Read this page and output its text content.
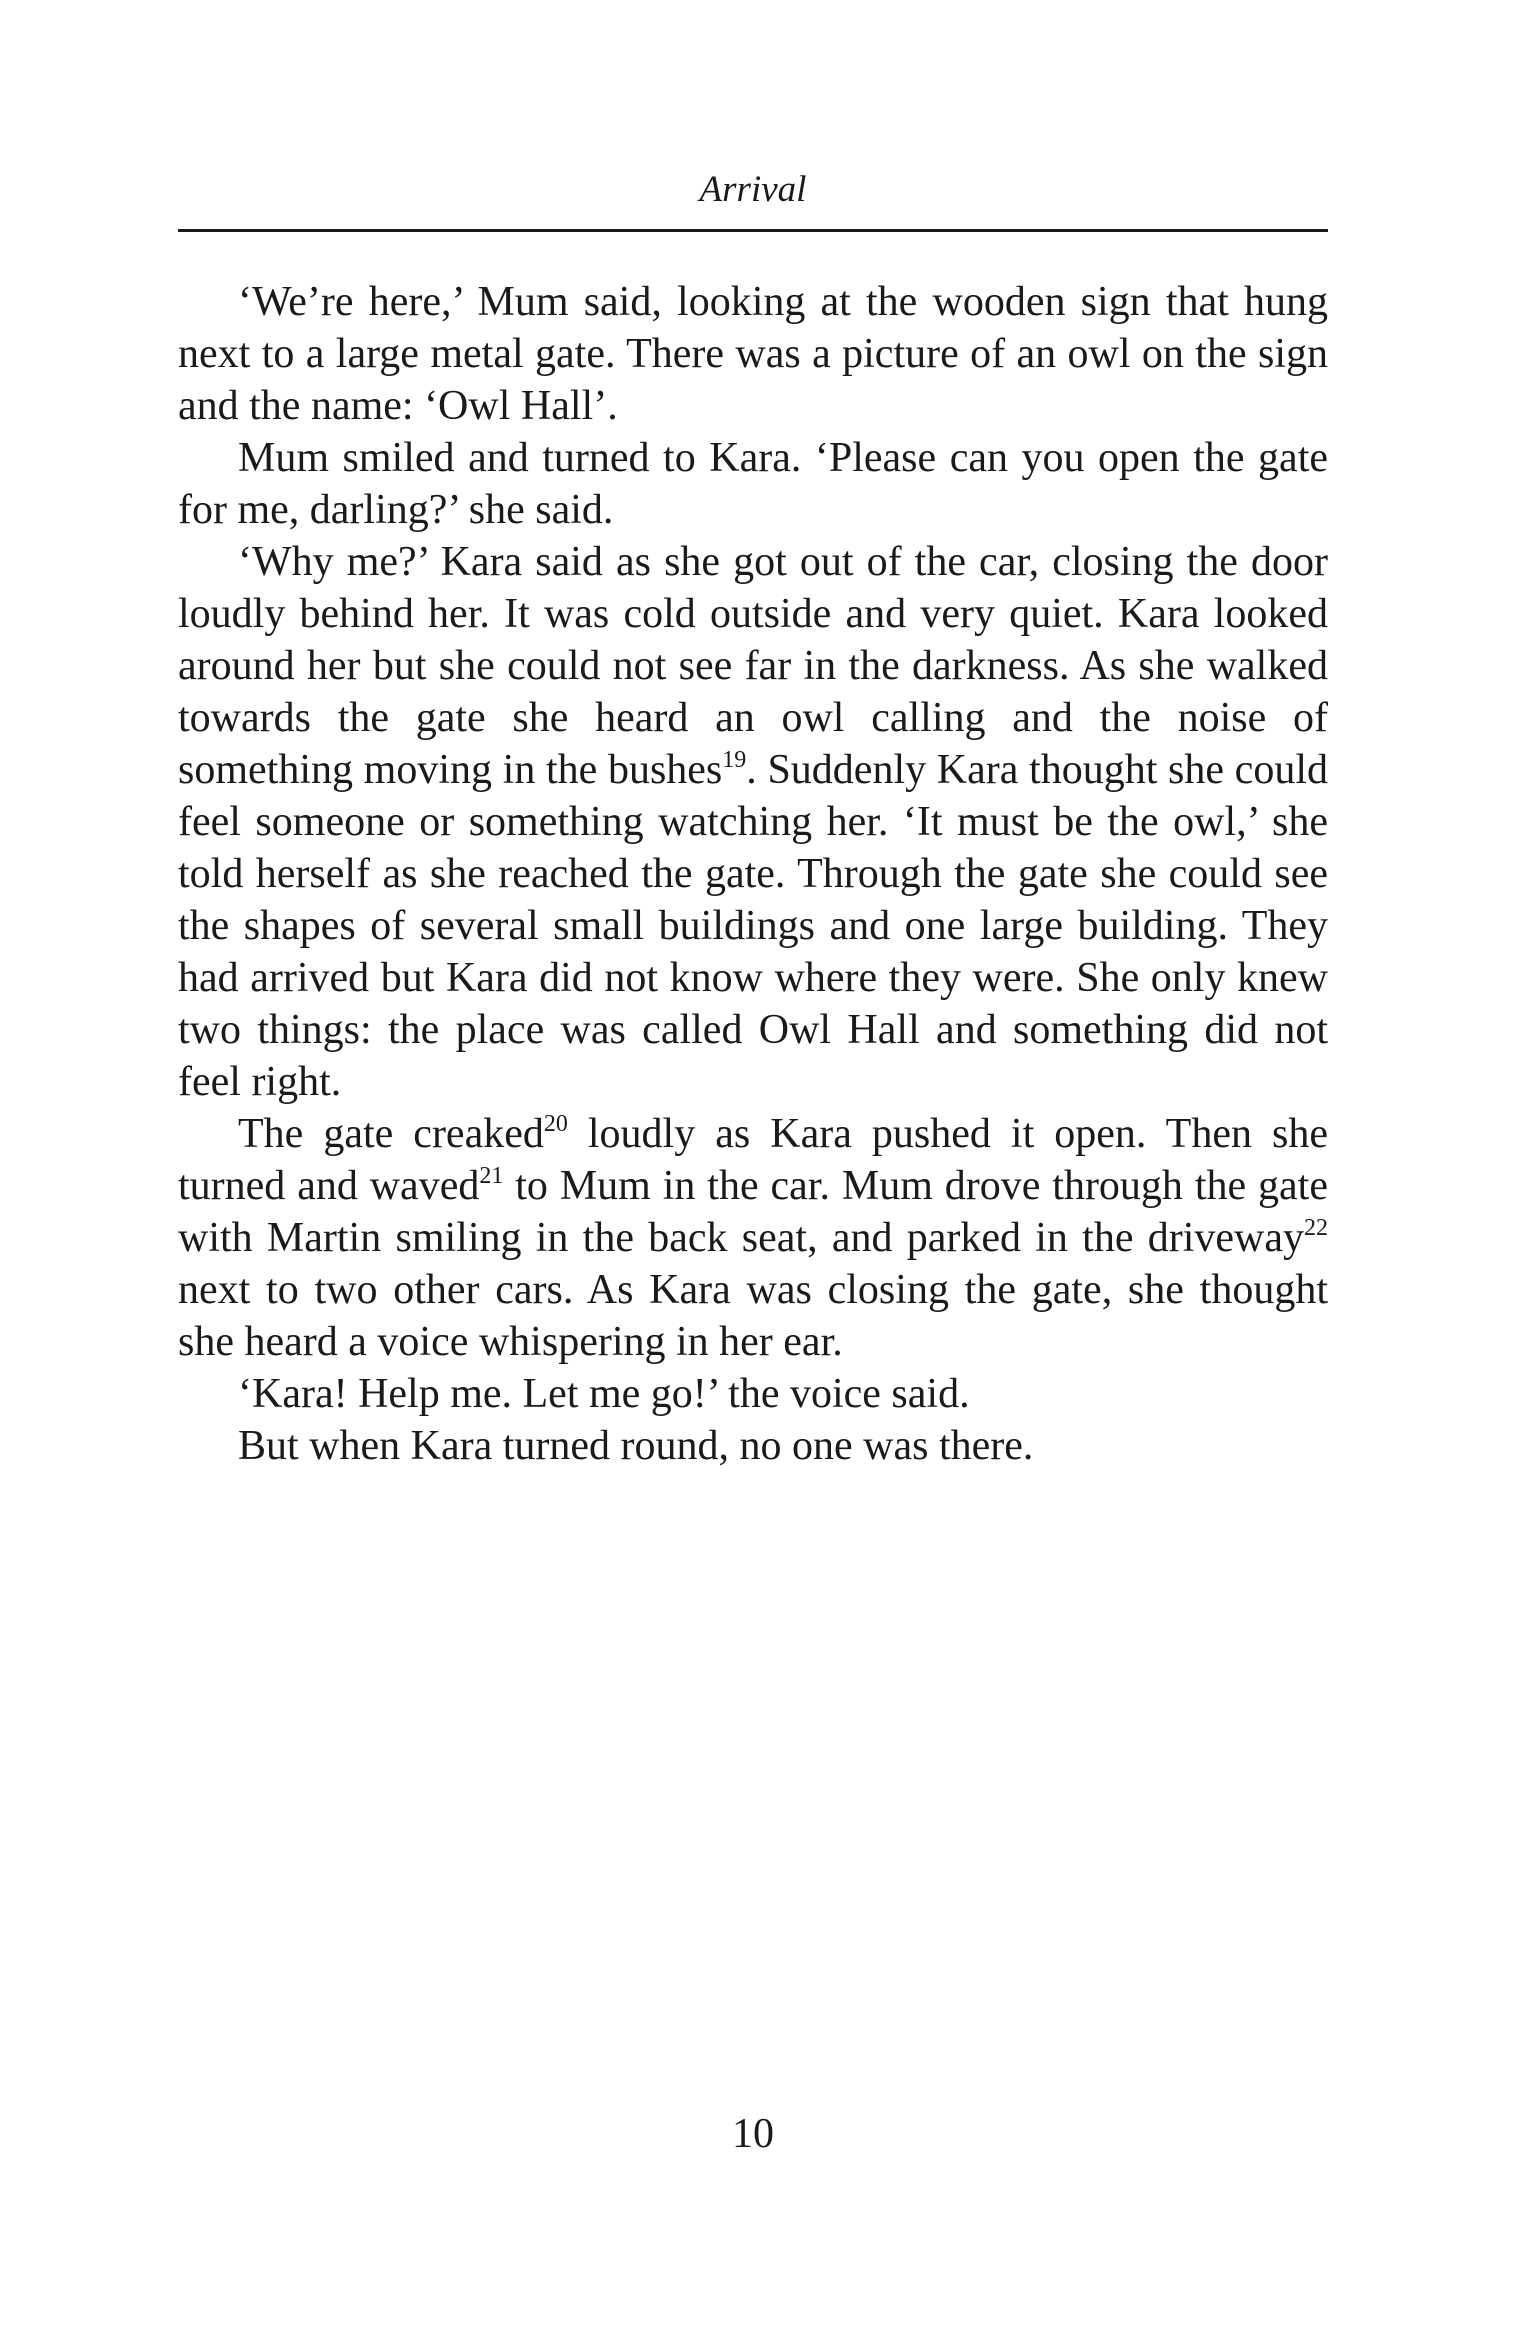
Arrival

‘We’re here,’ Mum said, looking at the wooden sign that hung next to a large metal gate. There was a picture of an owl on the sign and the name: ‘Owl Hall’.

Mum smiled and turned to Kara. ‘Please can you open the gate for me, darling?’ she said.

‘Why me?’ Kara said as she got out of the car, closing the door loudly behind her. It was cold outside and very quiet. Kara looked around her but she could not see far in the darkness. As she walked towards the gate she heard an owl calling and the noise of something moving in the bushes$^{19}$. Suddenly Kara thought she could feel someone or something watching her. ‘It must be the owl,’ she told herself as she reached the gate. Through the gate she could see the shapes of several small buildings and one large building. They had arrived but Kara did not know where they were. She only knew two things: the place was called Owl Hall and something did not feel right.

The gate creaked$^{20}$ loudly as Kara pushed it open. Then she turned and waved$^{21}$ to Mum in the car. Mum drove through the gate with Martin smiling in the back seat, and parked in the driveway$^{22}$ next to two other cars. As Kara was closing the gate, she thought she heard a voice whispering in her ear.

‘Kara! Help me. Let me go!’ the voice said.

But when Kara turned round, no one was there.

10
